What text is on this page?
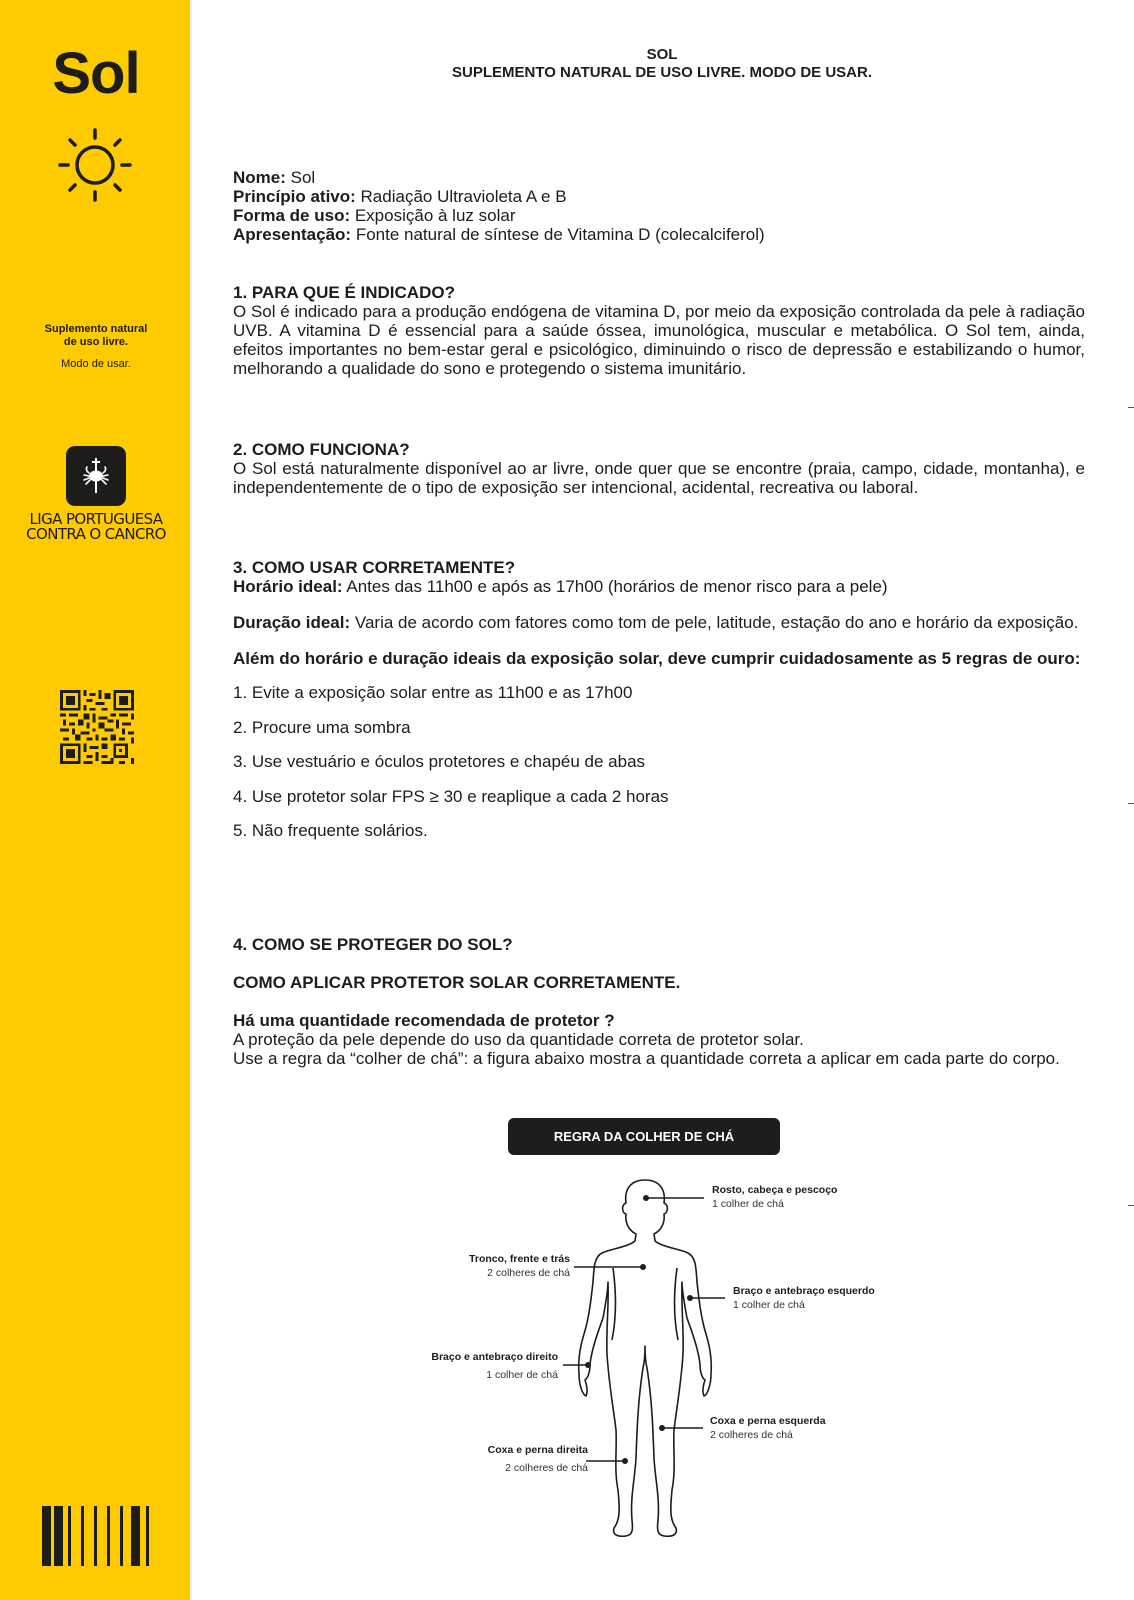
Sol
Suplemento natural
de uso livre.
Modo de usar.
LIGA PORTUGUESA
CONTRA O CANCRO
SOL
SUPLEMENTO NATURAL DE USO LIVRE. MODO DE USAR.
Nome: Sol
Princípio ativo: Radiação Ultravioleta A e B
Forma de uso: Exposição à luz solar
Apresentação: Fonte natural de síntese de Vitamina D (colecalciferol)
1. PARA QUE É INDICADO?
O Sol é indicado para a produção endógena de vitamina D, por meio da exposição controlada da pele à radiação UVB. A vitamina D é essencial para a saúde óssea, imunológica, muscular e metabólica. O Sol tem, ainda, efeitos importantes no bem-estar geral e psicológico, diminuindo o risco de depressão e estabilizando o humor, melhorando a qualidade do sono e protegendo o sistema imunitário.
2. COMO FUNCIONA?
O Sol está naturalmente disponível ao ar livre, onde quer que se encontre (praia, campo, cidade, montanha), e independentemente de o tipo de exposição ser intencional, acidental, recreativa ou laboral.
3. COMO USAR CORRETAMENTE?
Horário ideal: Antes das 11h00 e após as 17h00 (horários de menor risco para a pele)
Duração ideal: Varia de acordo com fatores como tom de pele, latitude, estação do ano e horário da exposição.
Além do horário e duração ideais da exposição solar, deve cumprir cuidadosamente as 5 regras de ouro:
1. Evite a exposição solar entre as 11h00 e as 17h00
2. Procure uma sombra
3. Use vestuário e óculos protetores e chapéu de abas
4. Use protetor solar FPS ≥ 30 e reaplique a cada 2 horas
5. Não frequente solários.
4. COMO SE PROTEGER DO SOL?
COMO APLICAR PROTETOR SOLAR CORRETAMENTE.
Há uma quantidade recomendada de protetor ?
A proteção da pele depende do uso da quantidade correta de protetor solar.
Use a regra da “colher de chá”: a figura abaixo mostra a quantidade correta a aplicar em cada parte do corpo.
REGRA DA COLHER DE CHÁ
Rosto, cabeça e pescoço
1 colher de chá
Tronco, frente e trás
2 colheres de chá
Braço e antebraço esquerdo
1 colher de chá
Braço e antebraço direito
1 colher de chá
Coxa e perna esquerda
2 colheres de chá
Coxa e perna direita
2 colheres de chá
